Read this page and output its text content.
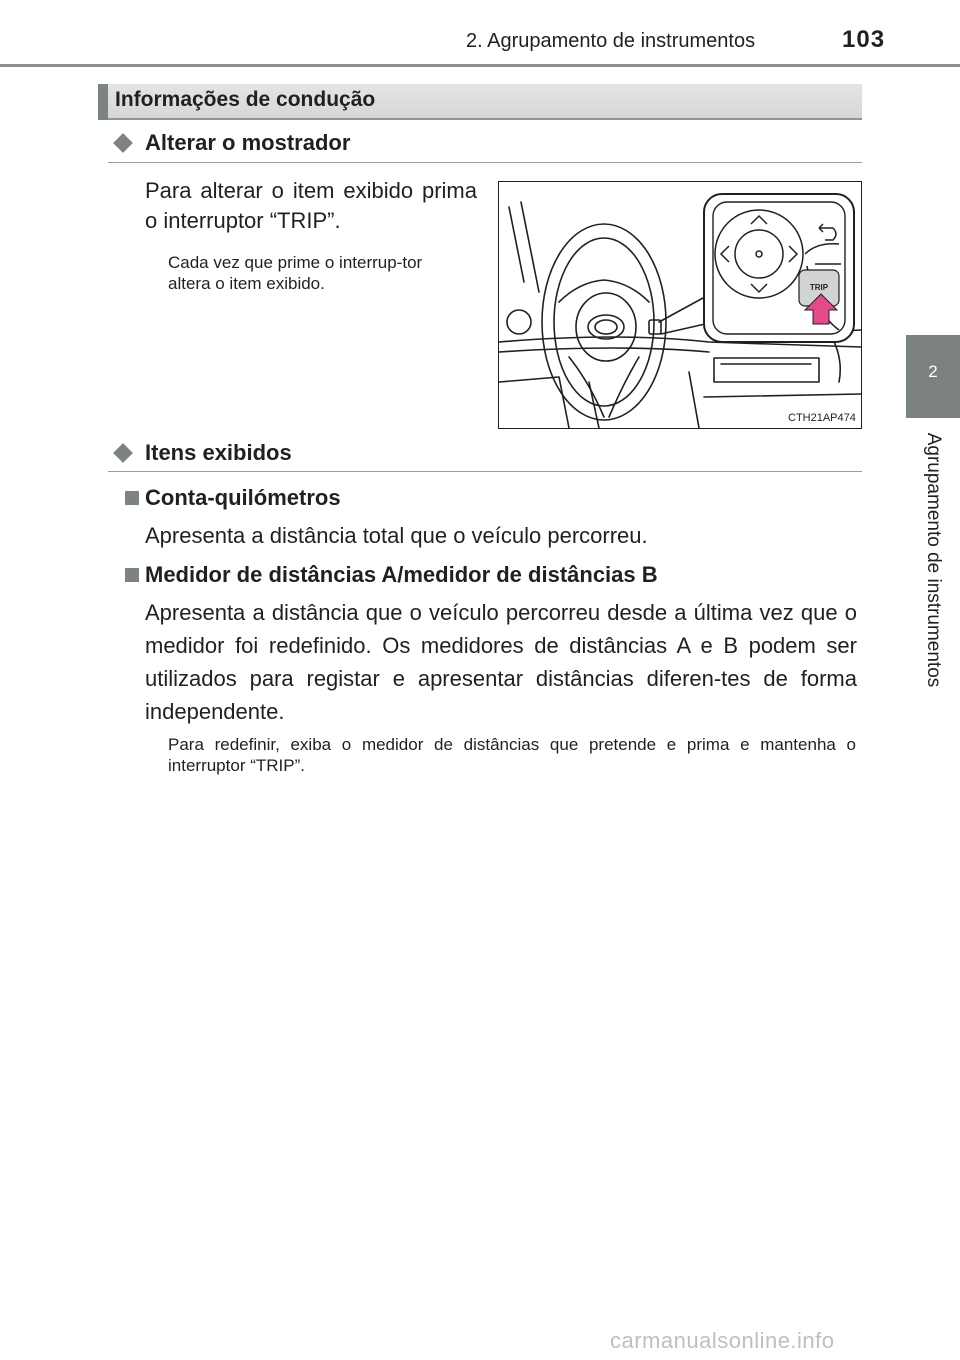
2. Agrupamento de instrumentos	103
2
Agrupamento de instrumentos
Informações de condução
Alterar o mostrador
Para alterar o item exibido prima o interruptor “TRIP”.
Cada vez que prime o interrup-tor altera o item exibido.	TRIP
CTH21AP474
Itens exibidos
Conta-quilómetros
Apresenta a distância total que o veículo percorreu.
Medidor de distâncias A/medidor de distâncias B
Apresenta a distância que o veículo percorreu desde a última vez que o medidor foi redefinido. Os medidores de distâncias A e B podem ser utilizados para registar e apresentar distâncias diferen-tes de forma independente.
Para redefinir, exiba o medidor de distâncias que pretende e prima e mantenha o interruptor “TRIP”.
carmanualsonline.info
